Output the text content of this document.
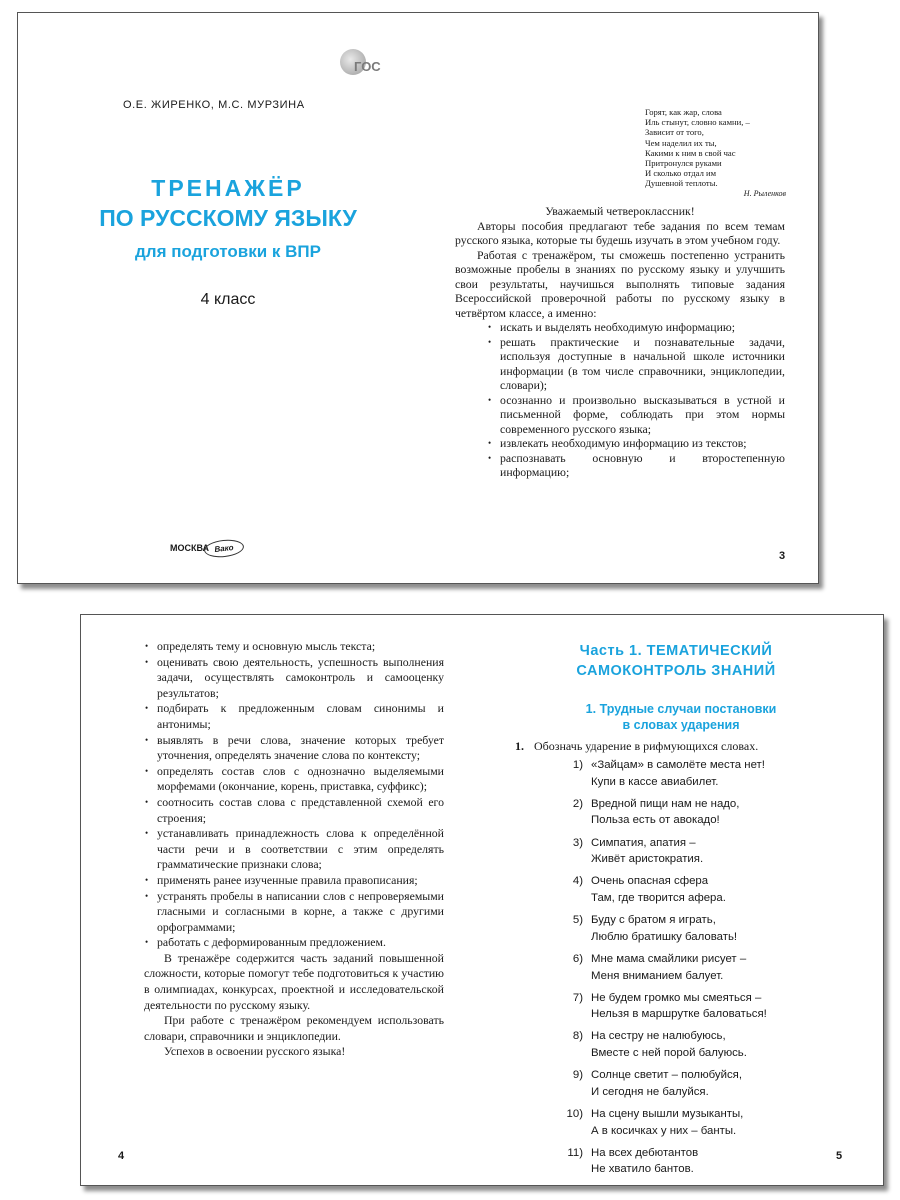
ГОС
О.Е. ЖИРЕНКО, М.С. МУРЗИНА
ТРЕНАЖЁР
ПО РУССКОМУ ЯЗЫКУ
для подготовки к ВПР
4 класс
МОСКВА Вако
Горят, как жар, слова
Иль стынут, словно камни, –
Зависит от того,
Чем наделил их ты,
Какими к ним в свой час
Притронулся руками
И сколько отдал им
Душевной теплоты.
Н. Рыленков

Уважаемый четвероклассник!

Авторы пособия предлагают тебе задания по всем темам русского языка, которые ты будешь изучать в этом учебном году.

Работая с тренажёром, ты сможешь постепенно устранить возможные пробелы в знаниях по русскому языку и улучшить свои результаты, научишься выполнять типовые задания Всероссийской проверочной работы по русскому языку в четвёртом классе, а именно:

• искать и выделять необходимую информацию;
• решать практические и познавательные задачи, используя доступные в начальной школе источники информации (в том числе справочники, энциклопедии, словари);
• осознанно и произвольно высказываться в устной и письменной форме, соблюдать при этом нормы современного русского языка;
• извлекать необходимую информацию из текстов;
• распознавать основную и второстепенную информацию;
3
• определять тему и основную мысль текста;
• оценивать свою деятельность, успешность выполнения задачи, осуществлять самоконтроль и самооценку результатов;
• подбирать к предложенным словам синонимы и антонимы;
• выявлять в речи слова, значение которых требует уточнения, определять значение слова по контексту;
• определять состав слов с однозначно выделяемыми морфемами (окончание, корень, приставка, суффикс);
• соотносить состав слова с представленной схемой его строения;
• устанавливать принадлежность слова к определённой части речи и в соответствии с этим определять грамматические признаки слова;
• применять ранее изученные правила правописания;
• устранять пробелы в написании слов с непроверяемыми гласными и согласными в корне, а также с другими орфограммами;
• работать с деформированным предложением.

В тренажёре содержится часть заданий повышенной сложности, которые помогут тебе подготовиться к участию в олимпиадах, конкурсах, проектной и исследовательской деятельности по русскому языку.

При работе с тренажёром рекомендуем использовать словари, справочники и энциклопедии.

Успехов в освоении русского языка!

4
Часть 1. ТЕМАТИЧЕСКИЙ
САМОКОНТРОЛЬ ЗНАНИЙ
1. Трудные случаи постановки
в словах ударения
1. Обозначь ударение в рифмующихся словах.
1) «Зайцам» в самолёте места нет!
Купи в кассе авиабилет.
2) Вредной пищи нам не надо,
Польза есть от авокадо!
3) Симпатия, апатия –
Живёт аристократия.
4) Очень опасная сфера
Там, где творится афера.
5) Буду с братом я играть,
Люблю братишку баловать!
6) Мне мама смайлики рисует –
Меня вниманием балует.
7) Не будем громко мы смеяться –
Нельзя в маршрутке баловаться!
8) На сестру не налюбуюсь,
Вместе с ней порой балуюсь.
9) Солнце светит – полюбуйся,
И сегодня не балуйся.
10) На сцену вышли музыканты,
А в косичках у них – банты.
11) На всех дебютантов
Не хватило бантов.
5
